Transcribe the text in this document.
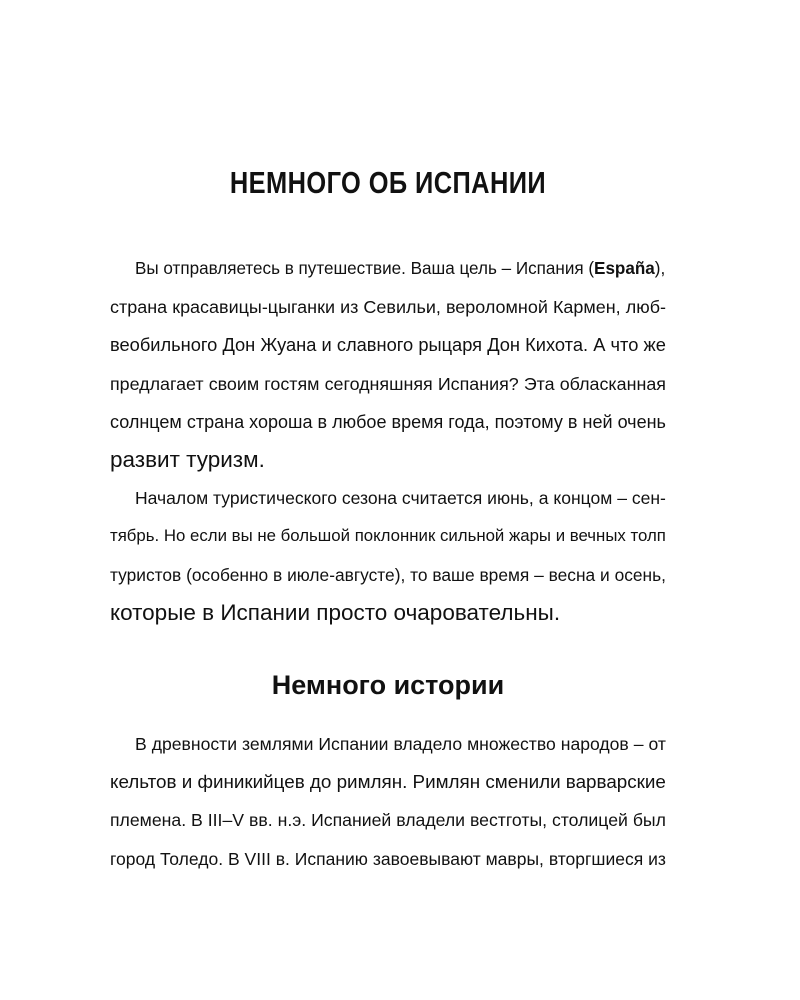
НЕМНОГО ОБ ИСПАНИИ
Вы отправляетесь в путешествие. Ваша цель – Испания ( España ),
страна красавицы-цыганки из Севильи, вероломной Кармен, люб-
веобильного Дон Жуана и славного рыцаря Дон Кихота. А что же
предлагает своим гостям сегодняшняя Испания? Эта обласканная
солнцем страна хороша в любое время года, поэтому в ней очень
развит туризм.
Началом туристического сезона считается июнь, а концом – сен-
тябрь. Но если вы не большой поклонник сильной жары и вечных толп
туристов (особенно в июле-августе), то ваше время – весна и осень,
которые в Испании просто очаровательны.
Немного истории
В древности землями Испании владело множество народов – от
кельтов и финикийцев до римлян. Римлян сменили варварские
племена. В III–V вв. н.э. Испанией владели вестготы, столицей был
город Толедо. В VIII в. Испанию завоевывают мавры, вторгшиеся из
